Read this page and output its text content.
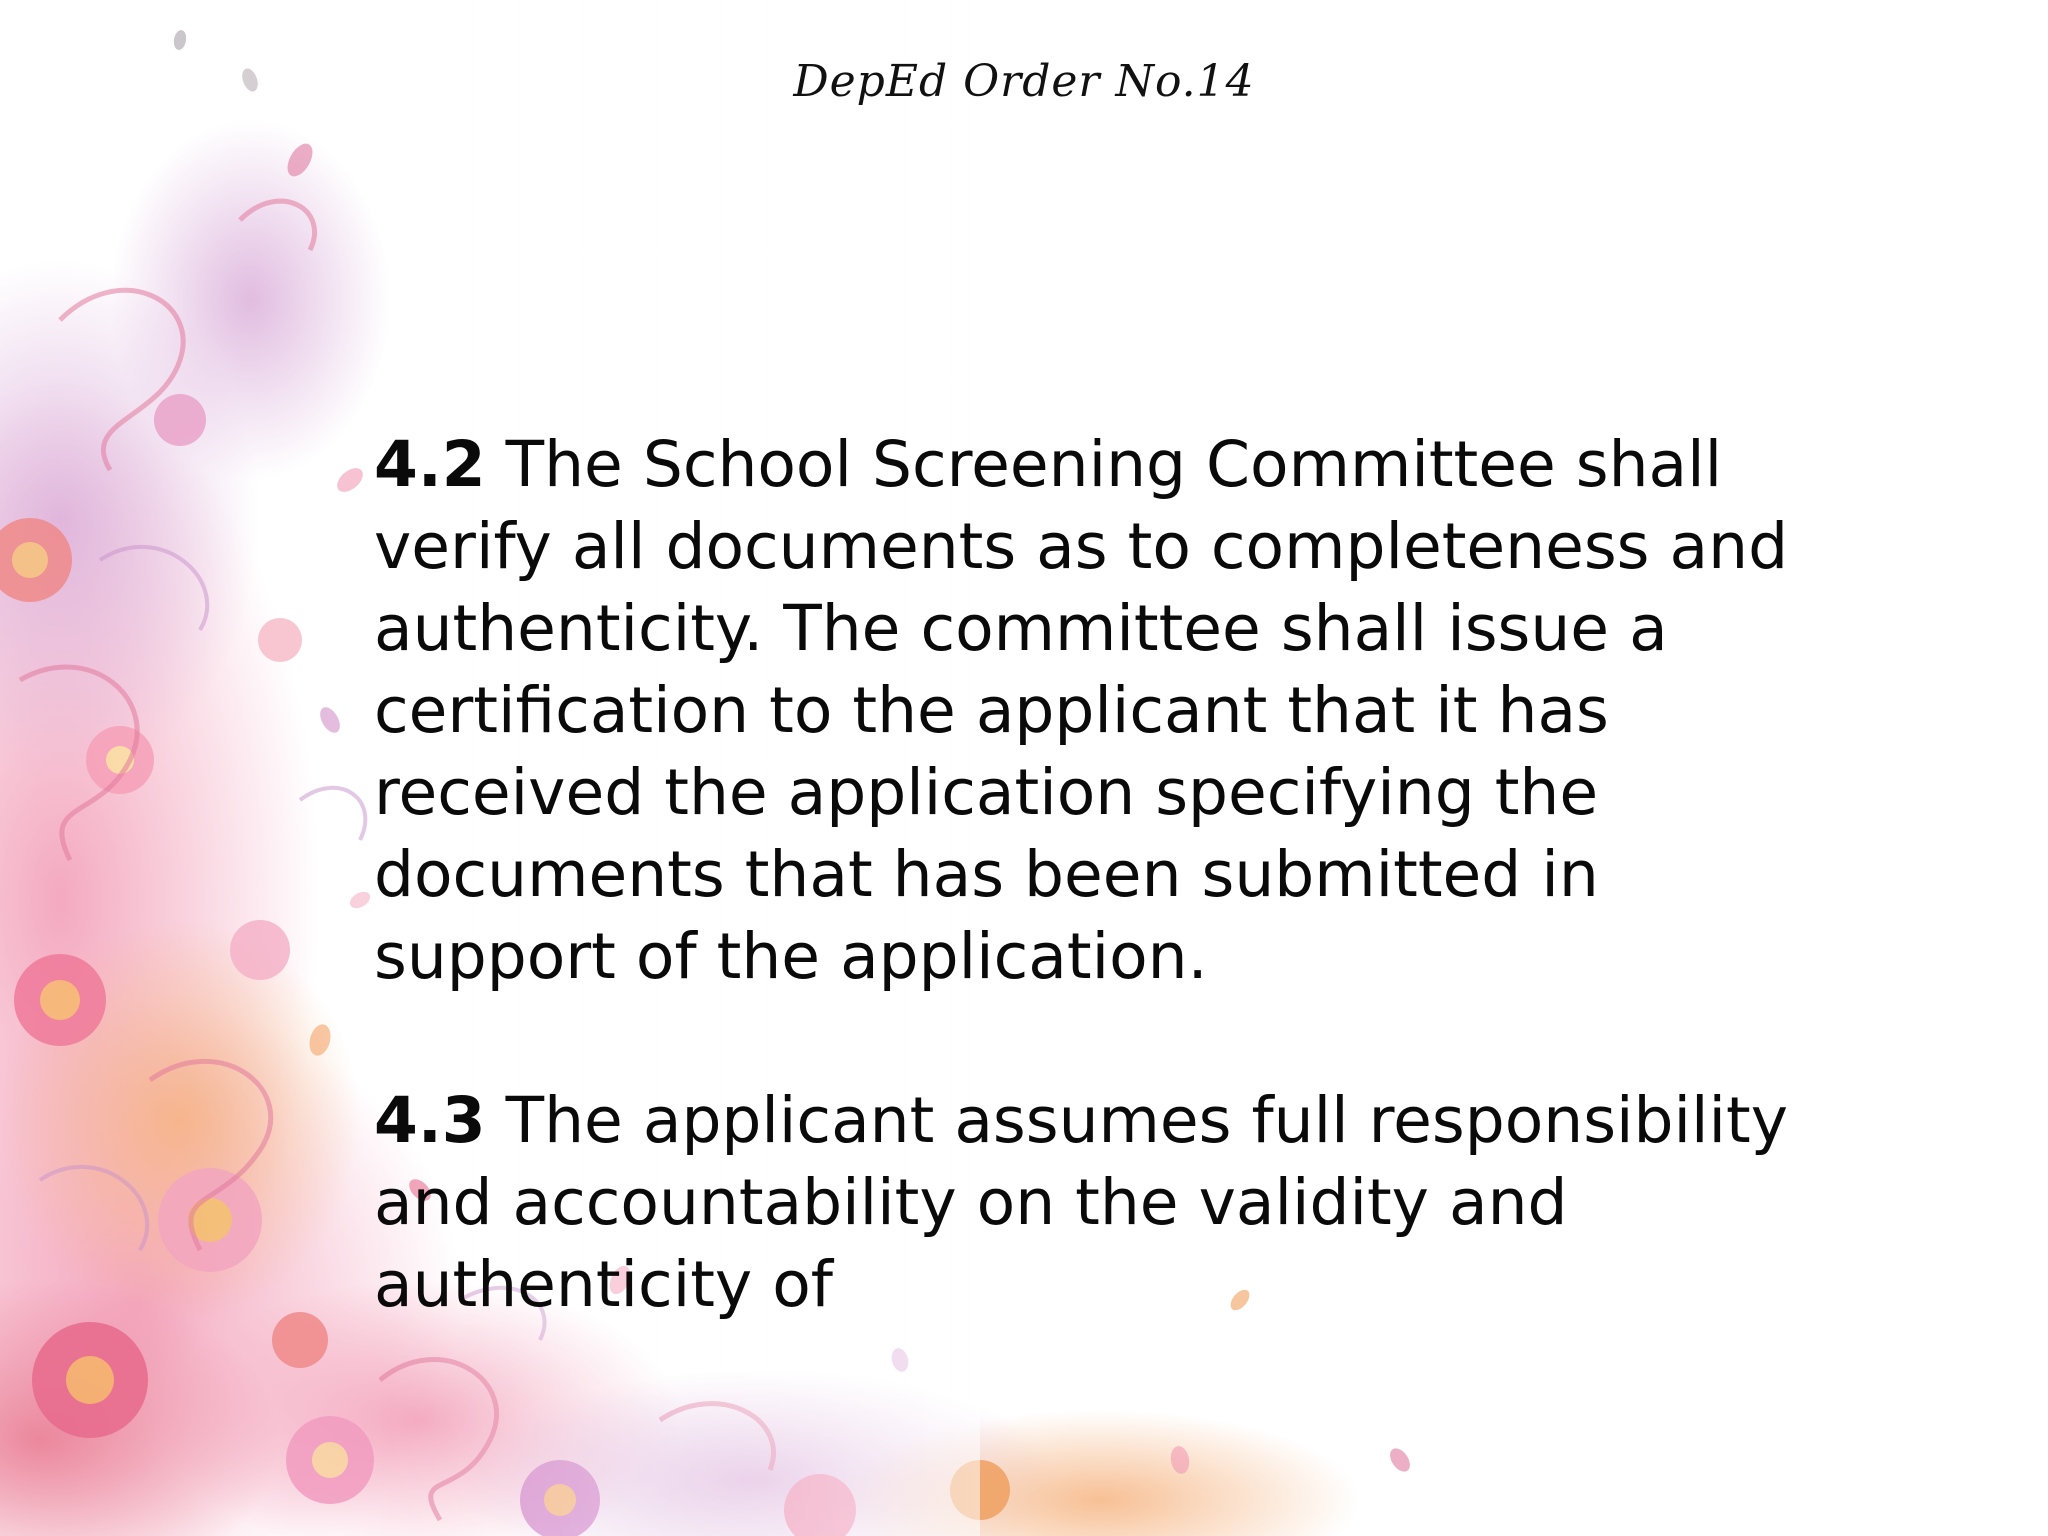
DepEd Order No.14

4.2 The School Screening Committee shall verify all documents as to completeness and authenticity. The committee shall issue a certification to the applicant that it has received the application specifying the documents that has been submitted in support of the application.

4.3 The applicant assumes full responsibility and accountability on the validity and authenticity of
